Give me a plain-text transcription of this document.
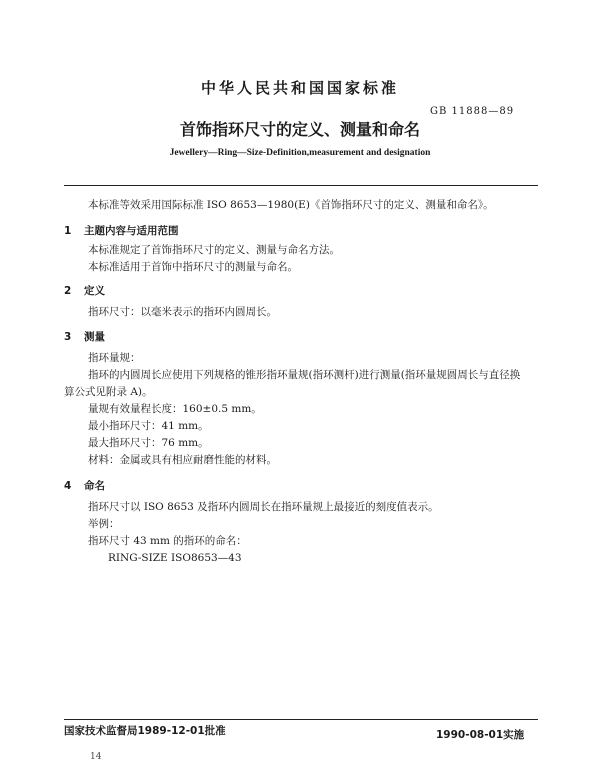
中华人民共和国国家标准
GB 11888—89
首饰指环尺寸的定义、测量和命名
Jewellery—Ring—Size-Definition,measurement and designation
本标准等效采用国际标准 ISO 8653—1980(E)《首饰指环尺寸的定义、测量和命名》。
1 主题内容与适用范围
本标准规定了首饰指环尺寸的定义、测量与命名方法。
本标准适用于首饰中指环尺寸的测量与命名。
2 定义
指环尺寸：以毫米表示的指环内圆周长。
3 测量
指环量规：
指环的内圆周长应使用下列规格的锥形指环量规(指环测杆)进行测量(指环量规圆周长与直径换
算公式见附录 A)。
量规有效量程长度：160±0.5 mm。
最小指环尺寸：41 mm。
最大指环尺寸：76 mm。
材料：金属或具有相应耐磨性能的材料。
4 命名
指环尺寸以 ISO 8653 及指环内圆周长在指环量规上最接近的刻度值表示。
举例：
指环尺寸 43 mm 的指环的命名：
RING-SIZE ISO8653—43
国家技术监督局1989-12-01批准	1990-08-01实施
14
